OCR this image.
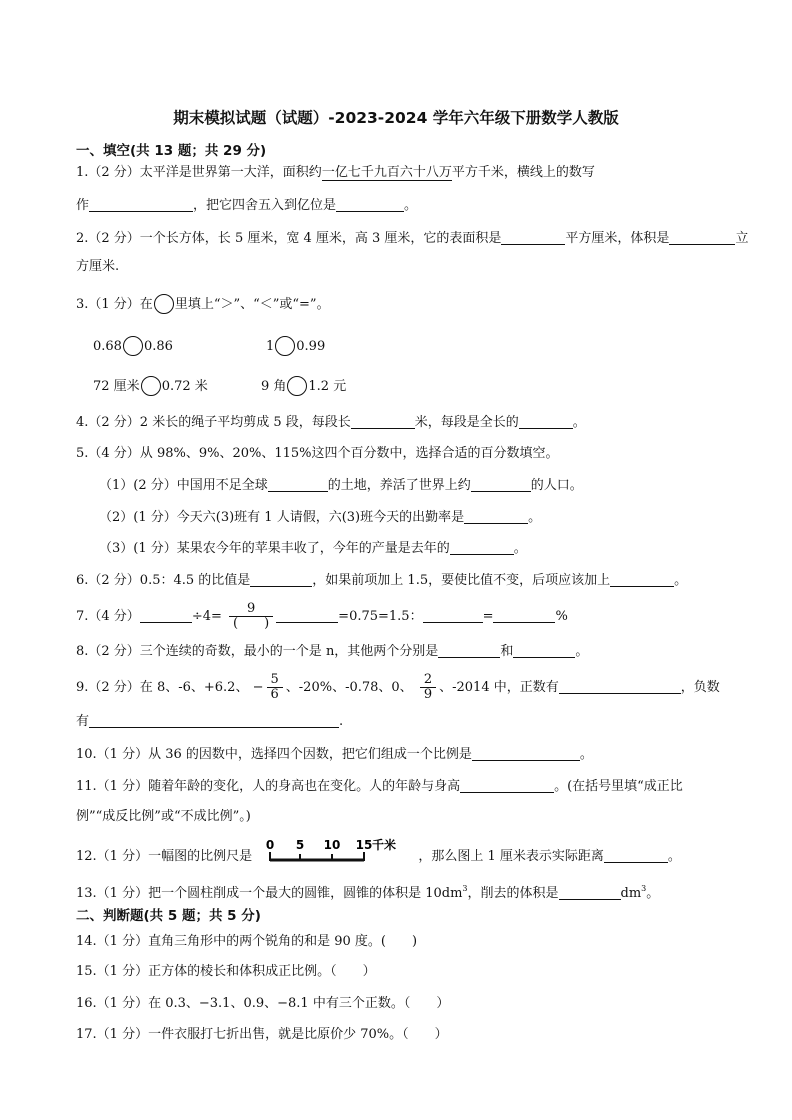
期末模拟试题（试题）-2023-2024 学年六年级下册数学人教版
一、填空(共 13 题；共 29 分)
1.（2 分）太平洋是世界第一大洋，面积约一亿七千九百六十八万平方千米，横线上的数写
作	，把它四舍五入到亿位是	。
2.（2 分）一个长方体，长 5 厘米，宽 4 厘米，高 3 厘米，它的表面积是	平方厘米，体积是	立
方厘米.
3.（1 分）在 里填上“＞”、“＜”或“=”。
0.68 0.86	1 0.99
72 厘米 0.72 米	9 角 1.2 元
4.（2 分）2 米长的绳子平均剪成 5 段，每段长	米，每段是全长的	。
5.（4 分）从 98%、9%、20%、115%这四个百分数中，选择合适的百分数填空。
（1）(2 分）中国用不足全球	的土地，养活了世界上约	的人口。
（2）(1 分）今天六(3)班有 1 人请假，六(3)班今天的出勤率是	。
（3）(1 分）某果农今年的苹果丰收了，今年的产量是去年的	。
6.（2 分）0.5：4.5 的比值是	，如果前项加上 1.5，要使比值不变，后项应该加上	。
7.（4 分）	$\div 4= \frac{9}{( )}$	=0.75=1.5：	=	%
8.（2 分）三个连续的奇数，最小的一个是 n，其他两个分别是	和	。
9.（2 分）在 8、-6、+6.2、 − $\frac{5}{6}$ 、-20%、-0.78、0、 $\frac{2}{9}$ 、-2014 中，正数有	，负数
有	.
10.（1 分）从 36 的因数中，选择四个因数，把它们组成一个比例是	。
11.（1 分）随着年龄的变化，人的身高也在变化。人的年龄与身高	。(在括号里填“成正比
例”“成反比例”或“不成比例”。)
12.（1 分）一幅图的比例尺是
0 5 10 15 千米
，那么图上 1 厘米表示实际距离	。
13.（1 分）把一个圆柱削成一个最大的圆锥，圆锥的体积是 $10dm^3$，削去的体积是	$dm^3$。
二、判断题(共 5 题；共 5 分)
14.（1 分）直角三角形中的两个锐角的和是 90 度。(　　)
15.（1 分）正方体的棱长和体积成正比例。（　　）
16.（1 分）在 0.3、−3.1、0.9、−8.1 中有三个正数。（　　）
17.（1 分）一件衣服打七折出售，就是比原价少 70%。（　　）
